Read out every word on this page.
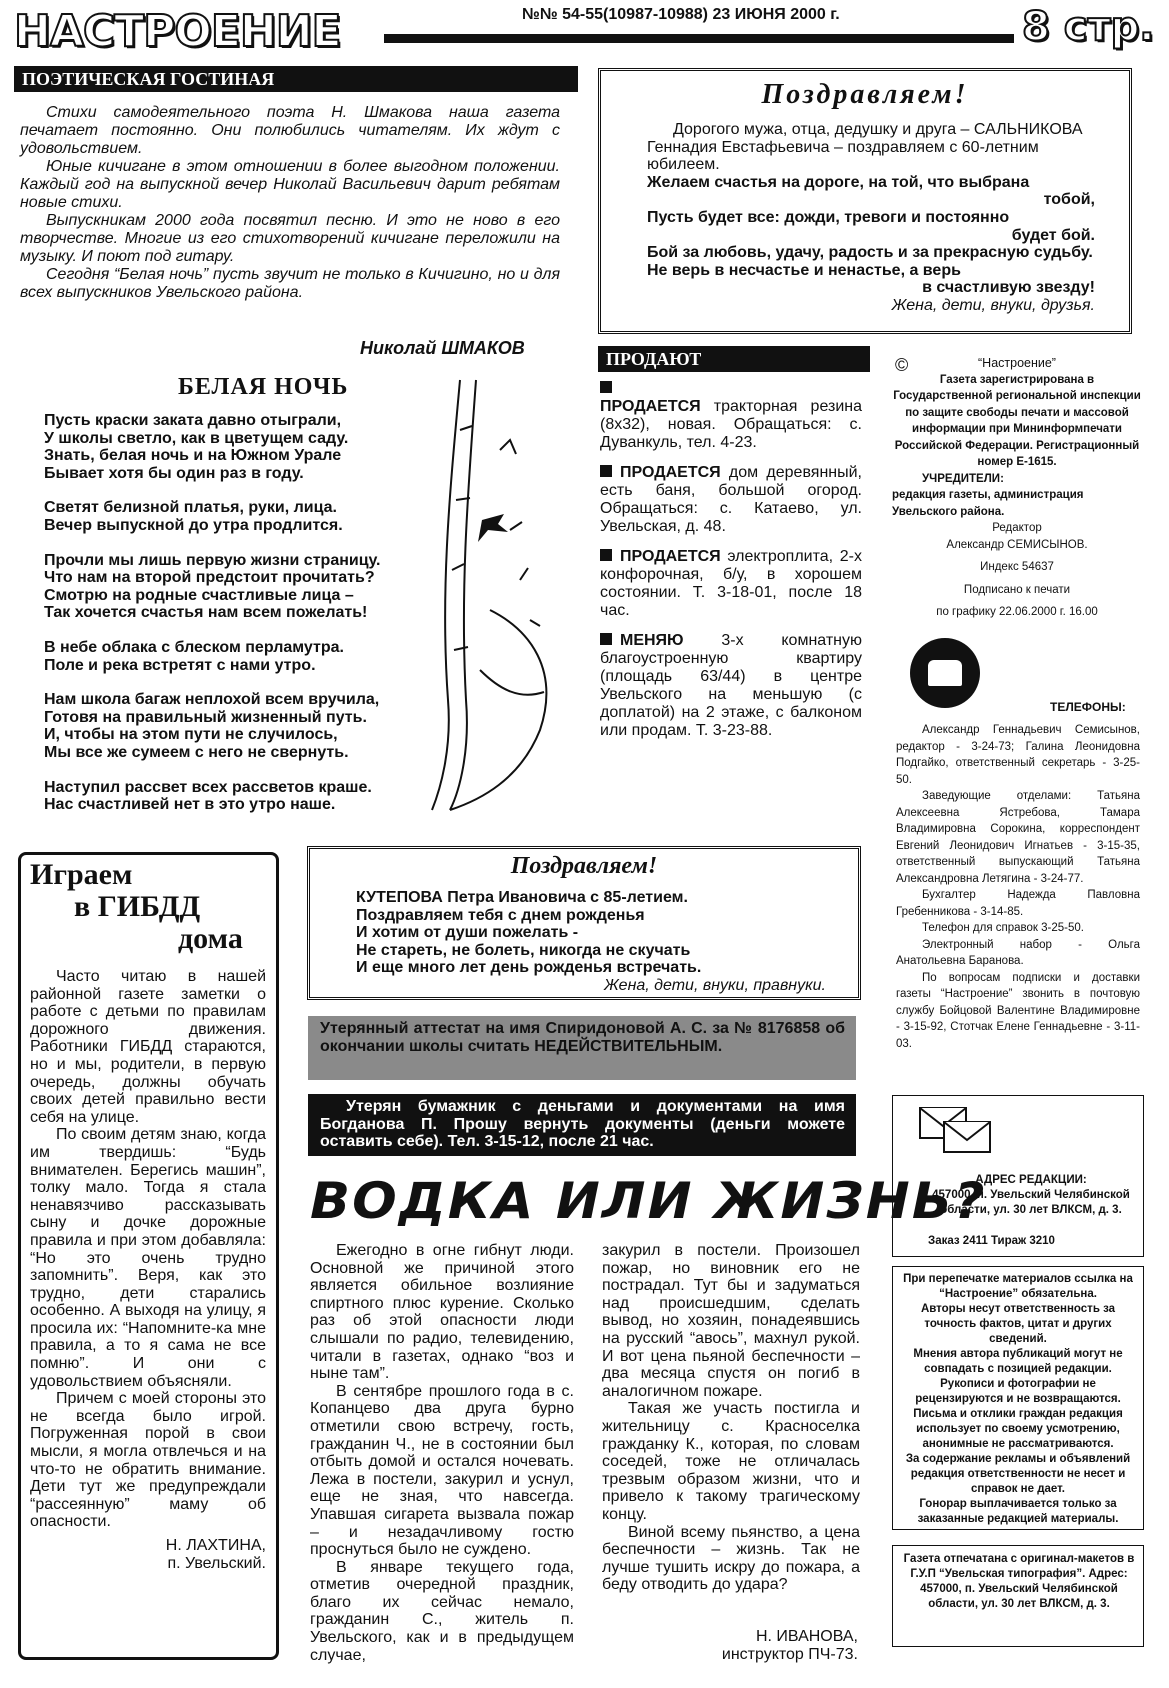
НАСТРОЕНИЕ	№№ 54-55(10987-10988) 23 ИЮНЯ 2000 г.	8 стр.
ПОЭТИЧЕСКАЯ ГОСТИНАЯ

Стихи самодеятельного поэта Н. Шмакова наша газета печатает постоянно. Они полюбились читателям. Их ждут с удовольствием.

Юные кичигане в этом отношении в более выгодном положении. Каждый год на выпускной вечер Николай Васильевич дарит ребятам новые стихи.

Выпускникам 2000 года посвятил песню. И это не ново в его творчестве. Многие из его стихотворений кичигане переложили на музыку. И поют под гитару.

Сегодня “Белая ночь” пусть звучит не только в Кичигино, но и для всех выпускников Увельского района.

Николай ШМАКОВ
БЕЛАЯ НОЧЬ
Пусть краски заката давно отыграли,
У школы светло, как в цветущем саду.
Знать, белая ночь и на Южном Урале
Бывает хотя бы один раз в году.
Светят белизной платья, руки, лица.
Вечер выпускной до утра продлится.
Прочли мы лишь первую жизни страницу.
Что нам на второй предстоит прочитать?
Смотрю на родные счастливые лица –
Так хочется счастья нам всем пожелать!
В небе облака с блеском перламутра.
Поле и река встретят с нами утро.
Нам школа багаж неплохой всем вручила,
Готовя на правильный жизненный путь.
И, чтобы на этом пути не случилось,
Мы все же сумеем с него не свернуть.
Наступил рассвет всех рассветов краше.
Нас счастливей нет в это утро наше.
Поздравляем!

Дорогого мужа, отца, дедушку и друга – САЛЬНИКОВА Геннадия Евстафьевича – поздравляем с 60-летним юбилеем.

Желаем счастья на дороге, на той, что выбрана

тобой,

Пусть будет все: дожди, тревоги и постоянно

будет бой.

Бой за любовь, удачу, радость и за прекрасную судьбу.

Не верь в несчастье и ненастье, а верь

в счастливую звезду!

Жена, дети, внуки, друзья.

ПРОДАЮТ

ПРОДАЕТСЯ тракторная резина (8х32), новая. Обращаться: с. Дуванкуль, тел. 4-23.
ПРОДАЕТСЯ дом деревянный, есть баня, большой огород. Обращаться: с. Катаево, ул. Увельская, д. 48.
ПРОДАЕТСЯ электроплита, 2-х конфорочная, б/у, в хорошем состоянии. Т. 3-18-01, после 18 час.
МЕНЯЮ 3-х комнатную благоустроенную квартиру (площадь 63/44) в центре Увельского на меньшую (с доплатой) на 2 этаже, с балконом или продам. Т. 3-23-88.
©	“Настроение”

Газета зарегистрирована в Государственной региональной инспекции по защите свободы печати и массовой информации при Мининформпечати Российской Федерации. Регистрационный номер Е-1615.

УЧРЕДИТЕЛИ:

редакция газеты, администрация Увельского района.

Редактор

Александр СЕМИСЫНОВ.

Индекс 54637

Подписано к печати

по графику 22.06.2000 г. 16.00

ТЕЛЕФОНЫ:

Александр Геннадьевич Семисынов, редактор - 3-24-73; Галина Леонидовна Подгайко, ответственный секретарь - 3-25-50.

Заведующие отделами: Татьяна Алексеевна Ястребова, Тамара Владимировна Сорокина, корреспондент Евгений Леонидович Игнатьев - 3-15-35, ответственный выпускающий Татьяна Александровна Летягина - 3-24-77.

Бухгалтер Надежда Павловна Гребенникова - 3-14-85.

Телефон для справок 3-25-50.

Электронный набор - Ольга Анатольевна Баранова.

По вопросам подписки и доставки газеты “Настроение” звонить в почтовую службу Бойцовой Валентине Владимировне - 3-15-92, Стотчак Елене Геннадьевне - 3-11-03.

АДРЕС РЕДАКЦИИ:

457000, п. Увельский Челябинской области, ул. 30 лет ВЛКСМ, д. 3.

Заказ 2411 Тираж 3210

При перепечатке материалов ссылка на “Настроение” обязательна.

Авторы несут ответственность за точность фактов, цитат и других сведений.

Мнения автора публикаций могут не совпадать с позицией редакции. Рукописи и фотографии не рецензируются и не возвращаются.

Письма и отклики граждан редакция использует по своему усмотрению, анонимные не рассматриваются.

За содержание рекламы и объявлений редакция ответственности не несет и справок не дает.

Гонорар выплачивается только за заказанные редакцией материалы.

Газета отпечатана с оригинал-макетов в Г.У.П “Увельская типография”. Адрес: 457000, п. Увельский Челябинской области, ул. 30 лет ВЛКСМ, д. 3.
Играем
в ГИБДД
дома

Часто читаю в нашей районной газете заметки о работе с детьми по правилам дорожного движения. Работники ГИБДД стараются, но и мы, родители, в первую очередь, должны обучать своих детей правильно вести себя на улице.

По своим детям знаю, когда им твердишь: “Будь внимателен. Берегись машин”, толку мало. Тогда я стала ненавязчиво рассказывать сыну и дочке дорожные правила и при этом добавляла: “Но это очень трудно запомнить”. Веря, как это трудно, дети старались особенно. А выходя на улицу, я просила их: “Напомните-ка мне правила, а то я сама не все помню”. И они с удовольствием объясняли.

Причем с моей стороны это не всегда было игрой. Погруженная порой в свои мысли, я могла отвлечься и на что-то не обратить внимание. Дети тут же предупреждали “рассеянную” маму об опасности.

Н. ЛАХТИНА,

п. Увельский.

Поздравляем!

КУТЕПОВА Петра Ивановича с 85-летием.

Поздравляем тебя с днем рожденья

И хотим от души пожелать -

Не стареть, не болеть, никогда не скучать

И еще много лет день рожденья встречать.

Жена, дети, внуки, правнуки.

Утерянный аттестат на имя Спиридоновой А. С. за № 8176858 об окончании школы считать НЕДЕЙСТВИТЕЛЬНЫМ.
Утерян бумажник с деньгами и документами на имя Богданова П. Прошу вернуть документы (деньги можете оставить себе). Тел. 3-15-12, после 21 час.
ВОДКА ИЛИ ЖИЗНЬ?

Ежегодно в огне гибнут люди. Основной же причиной этого является обильное возлияние спиртного плюс курение. Сколько раз об этой опасности люди слышали по радио, телевидению, читали в газетах, однако “воз и ныне там”.

В сентябре прошлого года в с. Копанцево два друга бурно отметили свою встречу, гость, гражданин Ч., не в состоянии был отбыть домой и остался ночевать. Лежа в постели, закурил и уснул, еще не зная, что навсегда. Упавшая сигарета вызвала пожар – и незадачливому гостю проснуться было не суждено.

В январе текущего года, отметив очередной праздник, благо их сейчас немало, гражданин С., житель п. Увельского, как и в предыдущем случае,

закурил в постели. Произошел пожар, но виновник его не пострадал. Тут бы и задуматься над происшедшим, сделать вывод, но хозяин, понадеявшись на русский “авось”, махнул рукой. И вот цена пьяной беспечности – два месяца спустя он погиб в аналогичном пожаре.

Такая же участь постигла и жительницу с. Красноселка гражданку К., которая, по словам соседей, тоже не отличалась трезвым образом жизни, что и привело к такому трагическому концу.

Виной всему пьянство, а цена беспечности – жизнь. Так не лучше тушить искру до пожара, а беду отводить до удара?

Н. ИВАНОВА,

инструктор ПЧ-73.
